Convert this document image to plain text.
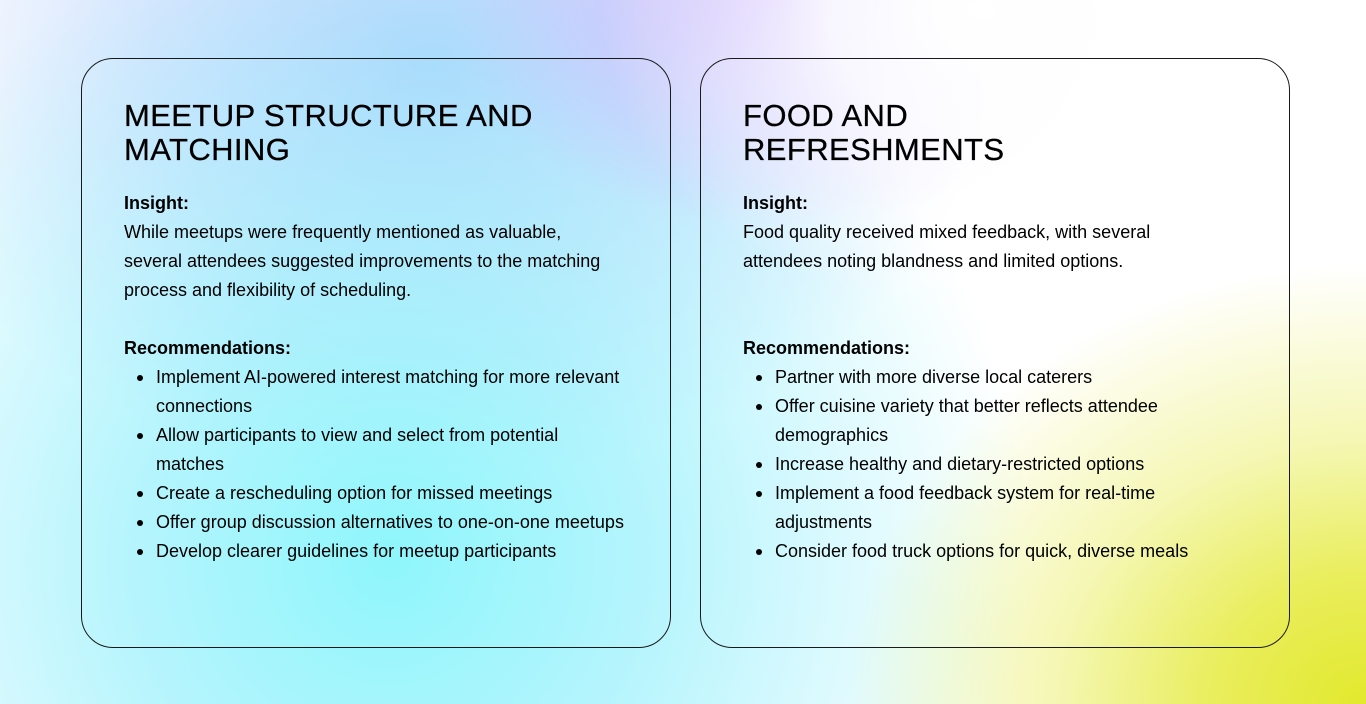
MEETUP STRUCTURE AND MATCHING

Insight:

While meetups were frequently mentioned as valuable, several attendees suggested improvements to the matching process and flexibility of scheduling.

Recommendations:

Implement AI-powered interest matching for more relevant connections
Allow participants to view and select from potential matches
Create a rescheduling option for missed meetings
Offer group discussion alternatives to one-on-one meetups
Develop clearer guidelines for meetup participants
FOOD AND REFRESHMENTS

Insight:

Food quality received mixed feedback, with several attendees noting blandness and limited options.

Recommendations:

Partner with more diverse local caterers
Offer cuisine variety that better reflects attendee demographics
Increase healthy and dietary-restricted options
Implement a food feedback system for real-time adjustments
Consider food truck options for quick, diverse meals
